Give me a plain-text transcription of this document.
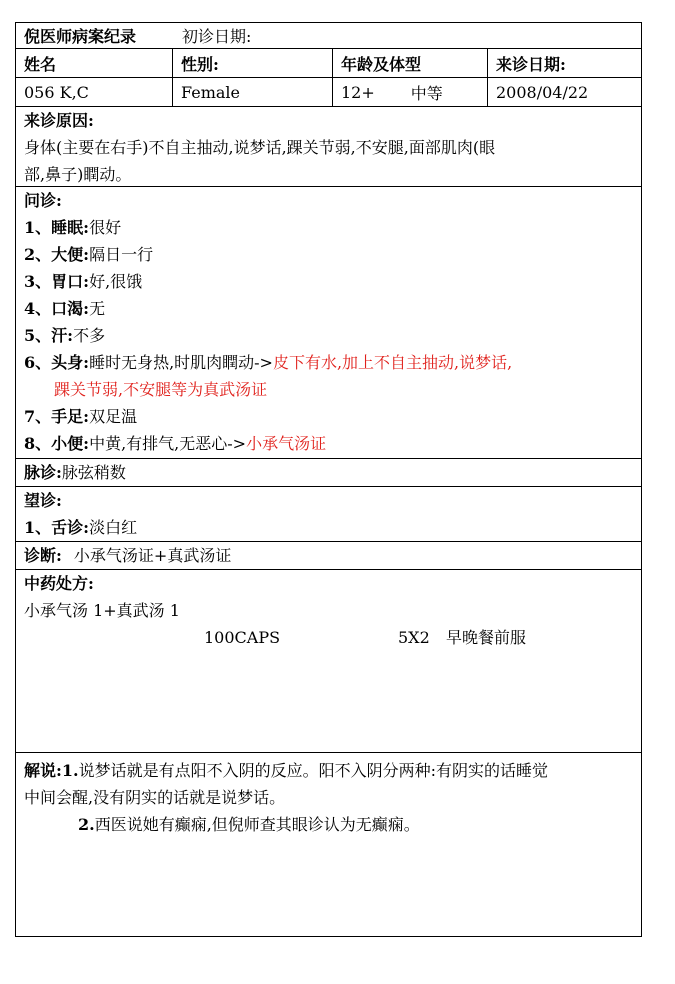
倪医师病案纪录	初诊日期:
姓名	性别:	年龄及体型	来诊日期:
056 K,C	Female	12+ 中等	2008/04/22
来诊原因:
身体(主要在右手)不自主抽动,说梦话,踝关节弱,不安腿,面部肌肉(眼
部,鼻子)瞤动。
问诊:
1、睡眠:很好
2、大便:隔日一行
3、胃口:好,很饿
4、口渴:无
5、汗:不多
6、头身:睡时无身热,时肌肉瞤动->皮下有水,加上不自主抽动,说梦话,
踝关节弱,不安腿等为真武汤证
7、手足:双足温
8、小便:中黄,有排气,无恶心->小承气汤证
脉诊:脉弦稍数
望诊:
1、舌诊:淡白红
诊断: 小承气汤证+真武汤证
中药处方:
小承气汤 1+真武汤 1
100CAPS	5X2 早晚餐前服
解说:1.说梦话就是有点阳不入阴的反应。阳不入阴分两种:有阴实的话睡觉
中间会醒,没有阴实的话就是说梦话。
2.西医说她有癫痫,但倪师查其眼诊认为无癫痫。
